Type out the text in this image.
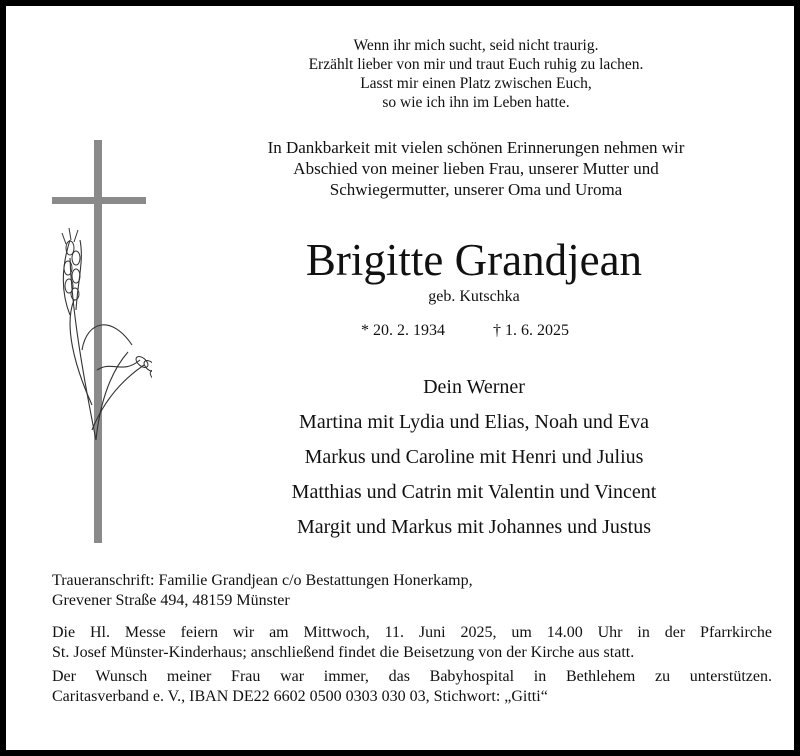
Wenn ihr mich sucht, seid nicht traurig.
Erzählt lieber von mir und traut Euch ruhig zu lachen.
Lasst mir einen Platz zwischen Euch,
so wie ich ihn im Leben hatte.
In Dankbarkeit mit vielen schönen Erinnerungen nehmen wir
Abschied von meiner lieben Frau, unserer Mutter und
Schwiegermutter, unserer Oma und Uroma
Brigitte Grandjean
geb. Kutschka
* 20. 2. 1934	† 1. 6. 2025
Dein Werner
Martina mit Lydia und Elias, Noah und Eva
Markus und Caroline mit Henri und Julius
Matthias und Catrin mit Valentin und Vincent
Margit und Markus mit Johannes und Justus
Traueranschrift: Familie Grandjean c/o Bestattungen Honerkamp,
Grevener Straße 494, 48159 Münster
Die Hl. Messe feiern wir am Mittwoch, 11. Juni 2025, um 14.00 Uhr in der Pfarrkirche
St. Josef Münster-Kinderhaus; anschließend findet die Beisetzung von der Kirche aus statt.
Der Wunsch meiner Frau war immer, das Babyhospital in Bethlehem zu unterstützen.
Caritasverband e. V., IBAN DE22 6602 0500 0303 030 03, Stichwort: „Gitti“
